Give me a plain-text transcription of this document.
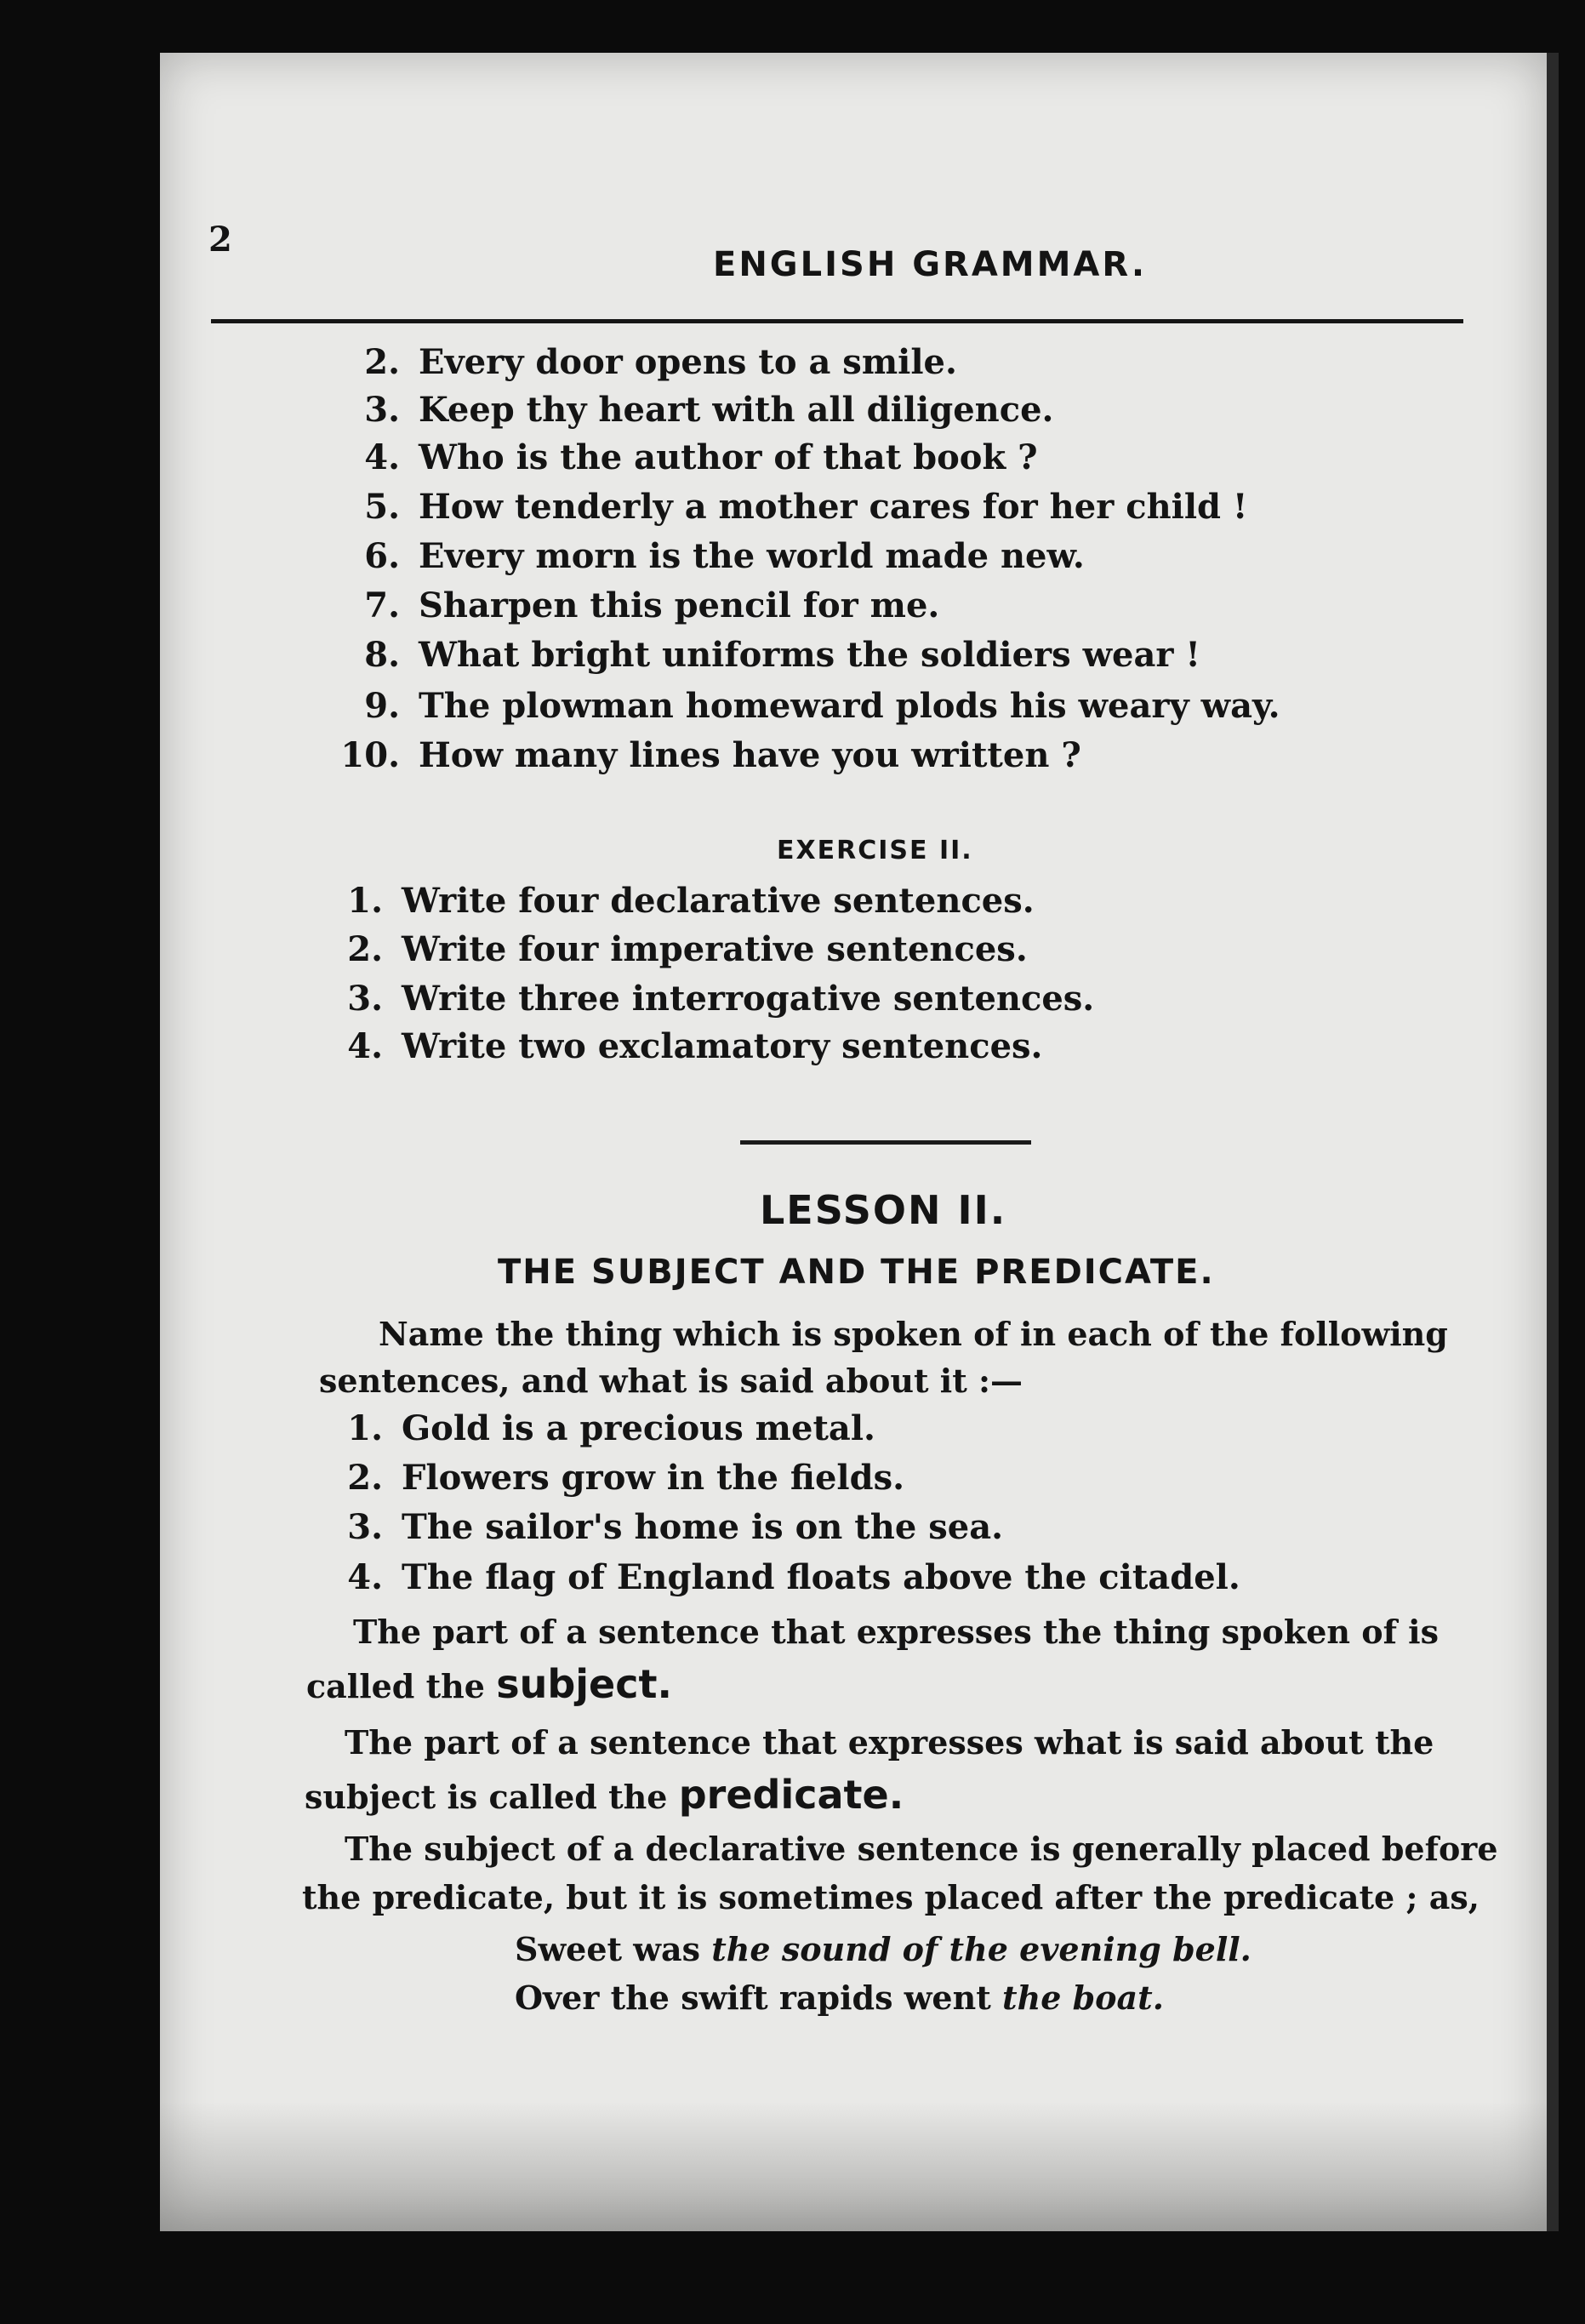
2
ENGLISH GRAMMAR.
2. Every door opens to a smile.
3. Keep thy heart with all diligence.
4. Who is the author of that book ?
5. How tenderly a mother cares for her child !
6. Every morn is the world made new.
7. Sharpen this pencil for me.
8. What bright uniforms the soldiers wear !
9. The plowman homeward plods his weary way.
10. How many lines have you written ?
EXERCISE II.
1. Write four declarative sentences.
2. Write four imperative sentences.
3. Write three interrogative sentences.
4. Write two exclamatory sentences.
LESSON II.
THE SUBJECT AND THE PREDICATE.
Name the thing which is spoken of in each of the following
sentences, and what is said about it :—
1. Gold is a precious metal.
2. Flowers grow in the fields.
3. The sailor's home is on the sea.
4. The flag of England floats above the citadel.
The part of a sentence that expresses the thing spoken of is
called the subject.
The part of a sentence that expresses what is said about the
subject is called the predicate.
The subject of a declarative sentence is generally placed before
the predicate, but it is sometimes placed after the predicate ; as,
Sweet was the sound of the evening bell.
Over the swift rapids went the boat.
